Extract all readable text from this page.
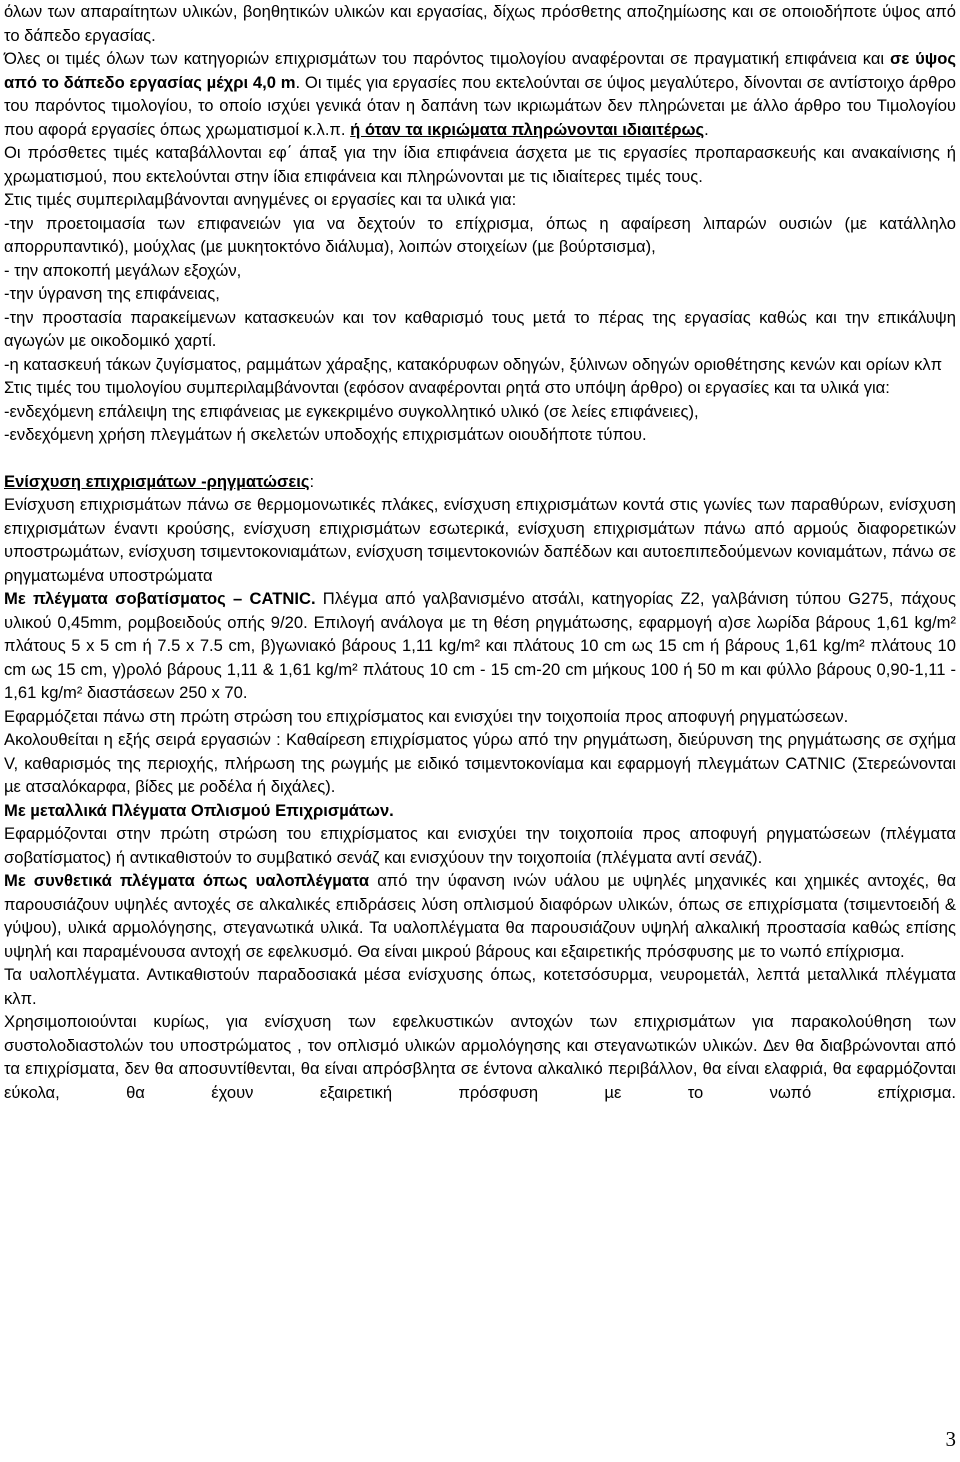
όλων των απαραίτητων υλικών, βοηθητικών υλικών και εργασίας, δίχως πρόσθετης αποζηµίωσης και σε οποιοδήποτε ύψος από το δάπεδο εργασίας.

Όλες οι τιµές όλων των κατηγοριών επιχρισµάτων του παρόντος τιµολογίου αναφέρονται σε πραγµατική επιφάνεια και σε ύψος από το δάπεδο εργασίας µέχρι 4,0 m. Οι τιµές για εργασίες που εκτελούνται σε ύψος µεγαλύτερο, δίνονται σε αντίστοιχο άρθρο του παρόντος τιµολογίου, το οποίο ισχύει γενικά όταν η δαπάνη των ικριωµάτων δεν πληρώνεται µε άλλο άρθρο του Τιµολογίου που αφορά εργασίες όπως χρωµατισµοί κ.λ.π. ή όταν τα ικριώµατα πληρώνονται ιδιαιτέρως.

Οι πρόσθετες τιµές καταβάλλονται εφ΄ άπαξ για την ίδια επιφάνεια άσχετα µε τις εργασίες προπαρασκευής και ανακαίνισης ή χρωµατισµού, που εκτελούνται στην ίδια επιφάνεια και πληρώνονται µε τις ιδιαίτερες τιµές τους.

Στις τιµές συµπεριλαµβάνονται ανηγµένες οι εργασίες και τα υλικά για:

-την προετοιµασία των επιφανειών για να δεχτούν το επίχρισµα, όπως η αφαίρεση λιπαρών ουσιών (µε κατάλληλο απορρυπαντικό), µούχλας (µε µυκητοκτόνο διάλυµα), λοιπών στοιχείων (µε βούρτσισµα),

- την αποκοπή µεγάλων εξοχών,

-την ύγρανση της επιφάνειας,

-την προστασία παρακείµενων κατασκευών και τον καθαρισµό τους µετά το πέρας της εργασίας καθώς και την επικάλυψη αγωγών µε οικοδοµικό χαρτί.

-η κατασκευή τάκων ζυγίσµατος, ραµµάτων χάραξης, κατακόρυφων οδηγών, ξύλινων οδηγών οριοθέτησης κενών και ορίων κλπ

Στις τιµές του τιµολογίου συµπεριλαµβάνονται (εφόσον αναφέρονται ρητά στο υπόψη άρθρο) οι εργασίες και τα υλικά για:

-ενδεχόµενη επάλειψη της επιφάνειας µε εγκεκριµένο συγκολλητικό υλικό (σε λείες επιφάνειες),

-ενδεχόµενη χρήση πλεγµάτων ή σκελετών υποδοχής επιχρισµάτων οιουδήποτε τύπου.

Ενίσχυση επιχρισµάτων -ρηγµατώσεις:

Ενίσχυση επιχρισµάτων πάνω σε θερµοµονωτικές πλάκες, ενίσχυση επιχρισµάτων κοντά στις γωνίες των παραθύρων, ενίσχυση επιχρισµάτων έναντι κρούσης, ενίσχυση επιχρισµάτων εσωτερικά, ενίσχυση επιχρισµάτων πάνω από αρµούς διαφορετικών υποστρωµάτων, ενίσχυση τσιµεντοκονιαµάτων, ενίσχυση τσιµεντοκονιών δαπέδων και αυτοεπιπεδούµενων κονιαµάτων, πάνω σε ρηγµατωµένα υποστρώµατα

Με πλέγµατα σοβατίσµατος – CATNIC. Πλέγµα από γαλβανισµένο ατσάλι, κατηγορίας Z2, γαλβάνιση τύπου G275, πάχους υλικού 0,45mm, ροµβοειδούς οπής 9/20. Επιλογή ανάλογα µε τη θέση ρηγµάτωσης, εφαρµογή α)σε λωρίδα βάρους 1,61 kg/m² πλάτους 5 x 5 cm ή 7.5 x 7.5 cm, β)γωνιακό βάρους 1,11 kg/m² και πλάτους 10 cm ως 15 cm ή βάρους 1,61 kg/m² πλάτους 10 cm ως 15 cm, γ)ρολό βάρους 1,11 & 1,61 kg/m² πλάτους 10 cm - 15 cm-20 cm µήκους 100 ή 50 m και φύλλο βάρους 0,90-1,11 - 1,61 kg/m² διαστάσεων 250 x 70.

Εφαρµόζεται πάνω στη πρώτη στρώση του επιχρίσµατος και ενισχύει την τοιχοποιία προς αποφυγή ρηγµατώσεων.

Ακολουθείται η εξής σειρά εργασιών : Καθαίρεση επιχρίσµατος γύρω από την ρηγµάτωση, διεύρυνση της ρηγµάτωσης σε σχήµα V, καθαρισµός της περιοχής, πλήρωση της ρωγµής µε ειδικό τσιµεντοκονίαµα και εφαρµογή πλεγµάτων CATNIC (Στερεώνονται µε ατσαλόκαρφα, βίδες µε ροδέλα ή διχάλες).

Με µεταλλικά Πλέγµατα Οπλισµού Επιχρισµάτων.

Εφαρµόζονται στην πρώτη στρώση του επιχρίσµατος και ενισχύει την τοιχοποιία προς αποφυγή ρηγµατώσεων (πλέγµατα σοβατίσµατος) ή αντικαθιστούν το συµβατικό σενάζ και ενισχύουν την τοιχοποιία (πλέγµατα αντί σενάζ).

Με συνθετικά πλέγµατα όπως υαλοπλέγµατα από την ύφανση ινών υάλου µε υψηλές µηχανικές και χηµικές αντοχές, θα παρουσιάζουν υψηλές αντοχές σε αλκαλικές επιδράσεις λύση οπλισµού διαφόρων υλικών, όπως σε επιχρίσµατα (τσιµεντοειδή & γύψου), υλικά αρµολόγησης, στεγανωτικά υλικά. Τα υαλοπλέγµατα θα παρουσιάζουν υψηλή αλκαλική προστασία καθώς επίσης υψηλή και παραµένουσα αντοχή σε εφελκυσµό. Θα είναι µικρού βάρους και εξαιρετικής πρόσφυσης µε το νωπό επίχρισµα.

Τα υαλοπλέγµατα. Αντικαθιστούν παραδοσιακά µέσα ενίσχυσης όπως, κοτετσόσυρµα, νευροµετάλ, λεπτά µεταλλικά πλέγµατα κλπ.

Χρησιµοποιούνται κυρίως, για ενίσχυση των εφελκυστικών αντοχών των επιχρισµάτων για παρακολούθηση των συστολοδιαστολών του υποστρώµατος , τον οπλισµό υλικών αρµολόγησης και στεγανωτικών υλικών. ∆εν θα διαβρώνονται από τα επιχρίσµατα, δεν θα αποσυντίθενται, θα είναι απρόσβλητα σε έντονα αλκαλικό περιβάλλον, θα είναι ελαφριά, θα εφαρµόζονται εύκολα, θα έχουν εξαιρετική πρόσφυση µε το νωπό επίχρισµα.

3
